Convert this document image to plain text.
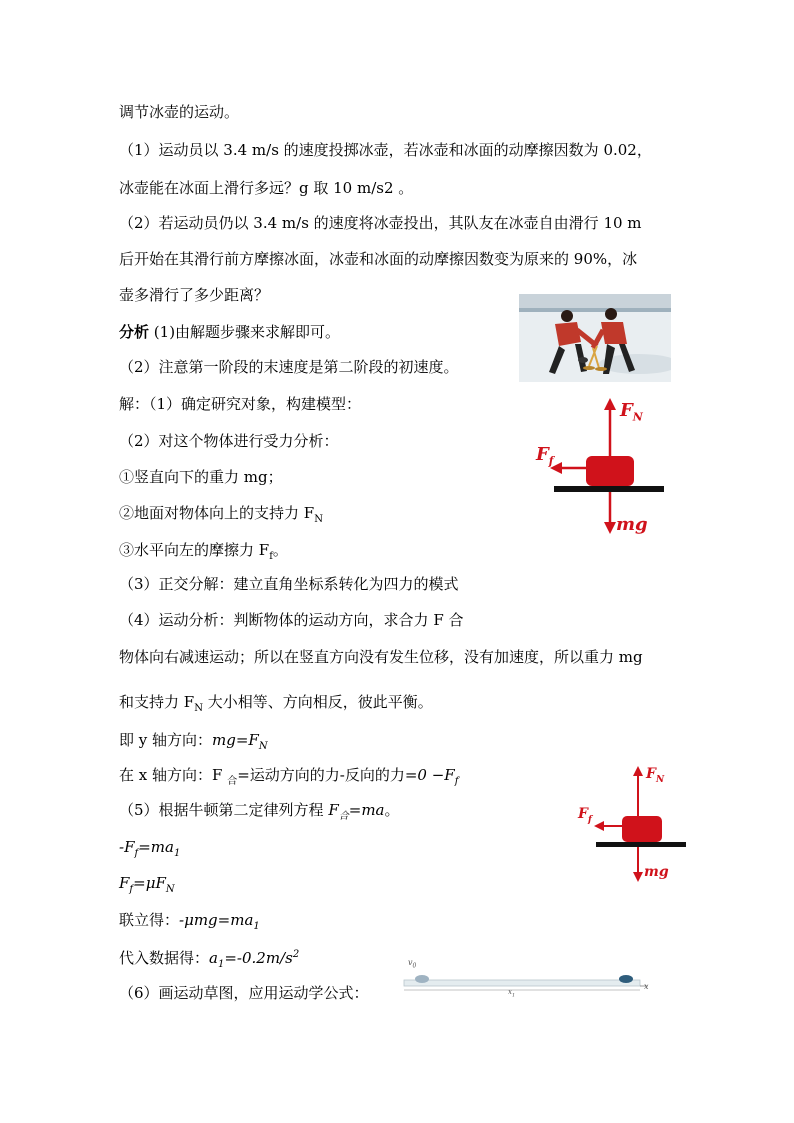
调节冰壶的运动。
（1）运动员以 3.4 m/s 的速度投掷冰壶，若冰壶和冰面的动摩擦因数为 0.02，
冰壶能在冰面上滑行多远？g 取 10 m/s2 。
（2）若运动员仍以 3.4 m/s 的速度将冰壶投出，其队友在冰壶自由滑行 10 m
后开始在其滑行前方摩擦冰面，冰壶和冰面的动摩擦因数变为原来的 90%，冰
壶多滑行了多少距离？
分析 (1)由解题步骤来求解即可。
（2）注意第一阶段的末速度是第二阶段的初速度。
解：（1）确定研究对象，构建模型：
（2）对这个物体进行受力分析：
①竖直向下的重力 mg；
②地面对物体向上的支持力 $F_N$
③水平向左的摩擦力 $F_f$。
（3）正交分解：建立直角坐标系转化为四力的模式
（4）运动分析：判断物体的运动方向，求合力 F 合
物体向右减速运动；所以在竖直方向没有发生位移，没有加速度，所以重力 mg
和支持力 $F_N$ 大小相等、方向相反，彼此平衡。
即 y 轴方向：$mg=F_N$
在 x 轴方向：F $_合$=运动方向的力-反向的力$=0 -F_f$
（5）根据牛顿第二定律列方程 $F_合=ma$。
$-F_f=ma_1$
$F_f=\mu F_N$
联立得：$-\mu mg=ma_1$
代入数据得：$a_1=-0.2m/s^2$
（6）画运动草图，应用运动学公式：
$F_N$
$F_f$
mg
$F_N$
$F_f$
mg
$v_0$
$x_1$
x
